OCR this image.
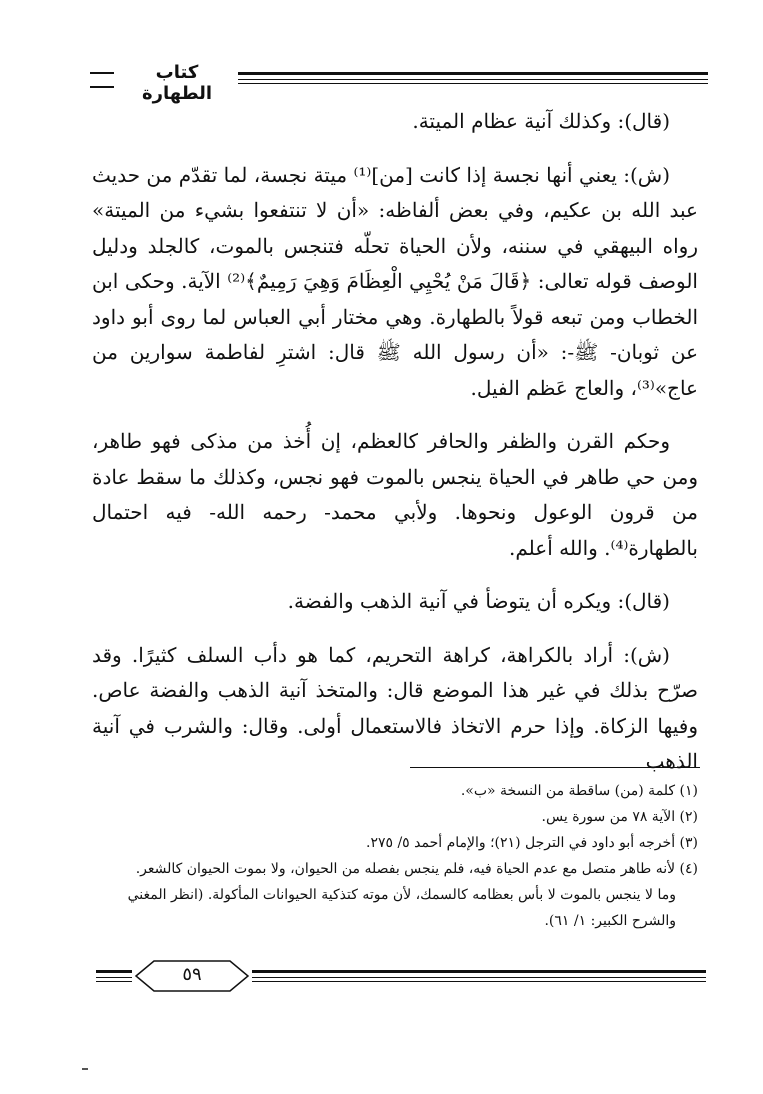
كتاب الطهارة

(قال): وكذلك آنية عظام الميتة.

(ش): يعني أنها نجسة إذا كانت [من]⁽¹⁾ ميتة نجسة، لما تقدّم من حديث عبد الله بن عكيم، وفي بعض ألفاظه: «أن لا تنتفعوا بشيء من الميتة» رواه البيهقي في سننه، ولأن الحياة تحلّه فتنجس بالموت، كالجلد ودليل الوصف قوله تعالى: ﴿قَالَ مَنْ يُحْيِي الْعِظَامَ وَهِيَ رَمِيمٌ﴾⁽²⁾ الآية. وحكى ابن الخطاب ومن تبعه قولاً بالطهارة. وهي مختار أبي العباس لما روى أبو داود عن ثوبان- ﷺ-: «أن رسول الله ﷺ قال: اشترِ لفاطمة سوارين من عاج»⁽³⁾، والعاج عَظم الفيل.

وحكم القرن والظفر والحافر كالعظم، إن أُخذ من مذكى فهو طاهر، ومن حي طاهر في الحياة ينجس بالموت فهو نجس، وكذلك ما سقط عادة من قرون الوعول ونحوها. ولأبي محمد- رحمه الله- فيه احتمال بالطهارة⁽⁴⁾. والله أعلم.

(قال): ويكره أن يتوضأ في آنية الذهب والفضة.

(ش): أراد بالكراهة، كراهة التحريم، كما هو دأب السلف كثيرًا. وقد صرّح بذلك في غير هذا الموضع قال: والمتخذ آنية الذهب والفضة عاص. وفيها الزكاة. وإذا حرم الاتخاذ فالاستعمال أولى. وقال: والشرب في آنية الذهب

(١) كلمة (من) ساقطة من النسخة «ب».

(٢) الآية ٧٨ من سورة يس.

(٣) أخرجه أبو داود في الترجل (٢١)؛ والإمام أحمد ٥/ ٢٧٥.

(٤) لأنه طاهر متصل مع عدم الحياة فيه، فلم ينجس بفصله من الحيوان، ولا بموت الحيوان كالشعر.

وما لا ينجس بالموت لا بأس بعظامه كالسمك، لأن موته كتذكية الحيوانات المأكولة. (انظر المغني والشرح الكبير: ١/ ٦١).

٥٩
